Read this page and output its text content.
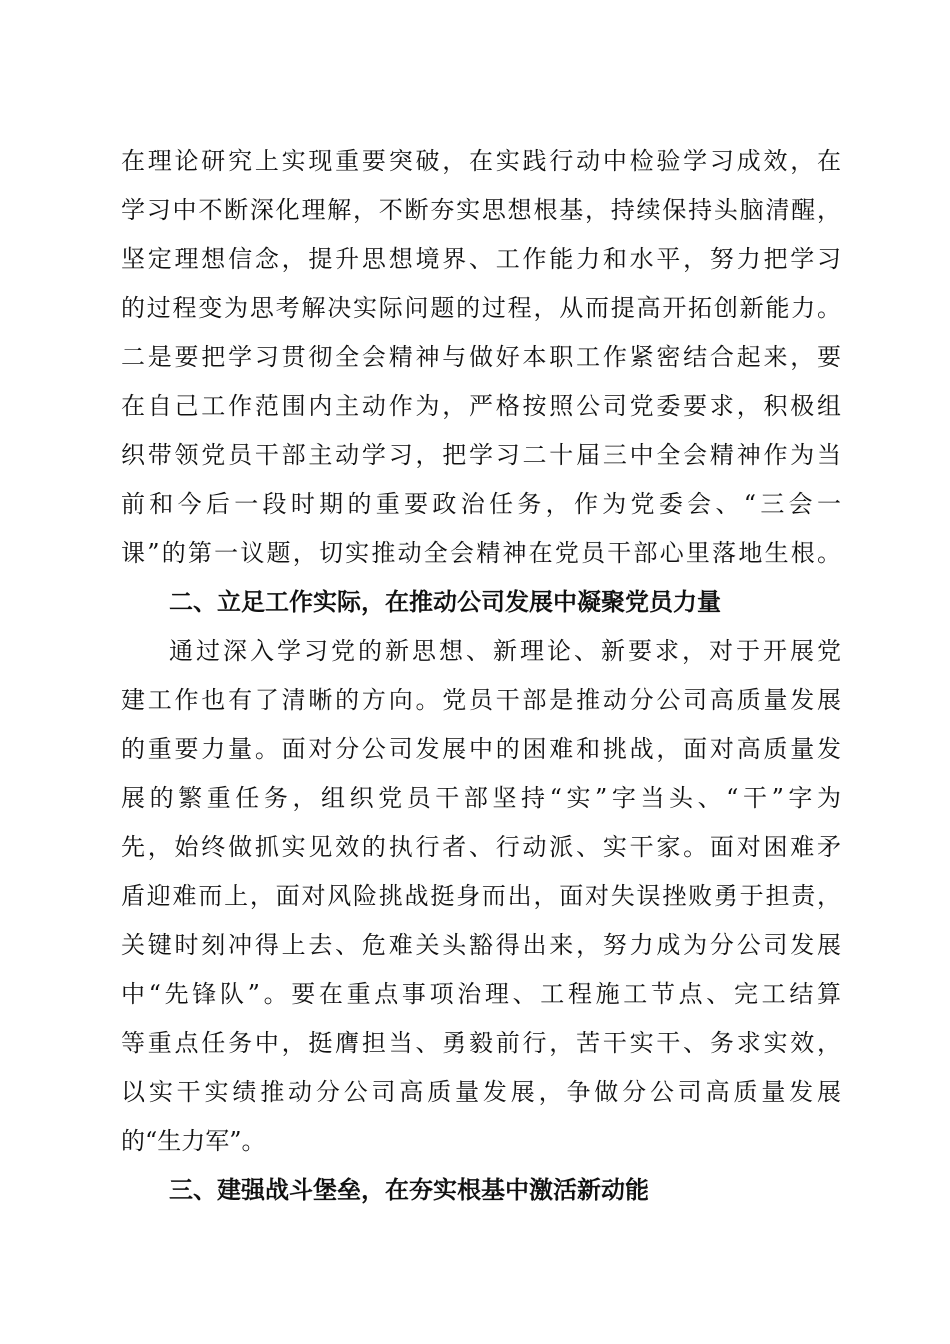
在理论研究上实现重要突破，在实践行动中检验学习成效，在
学习中不断深化理解，不断夯实思想根基，持续保持头脑清醒，
坚定理想信念，提升思想境界、工作能力和水平，努力把学习
的过程变为思考解决实际问题的过程，从而提高开拓创新能力。
二是要把学习贯彻全会精神与做好本职工作紧密结合起来，要
在自己工作范围内主动作为，严格按照公司党委要求，积极组
织带领党员干部主动学习，把学习二十届三中全会精神作为当
前和今后一段时期的重要政治任务，作为党委会、“三会一
课”的第一议题，切实推动全会精神在党员干部心里落地生根。
二、立足工作实际，在推动公司发展中凝聚党员力量
通过深入学习党的新思想、新理论、新要求，对于开展党
建工作也有了清晰的方向。党员干部是推动分公司高质量发展
的重要力量。面对分公司发展中的困难和挑战，面对高质量发
展的繁重任务，组织党员干部坚持“实”字当头、“干”字为
先，始终做抓实见效的执行者、行动派、实干家。面对困难矛
盾迎难而上，面对风险挑战挺身而出，面对失误挫败勇于担责，
关键时刻冲得上去、危难关头豁得出来，努力成为分公司发展
中“先锋队”。要在重点事项治理、工程施工节点、完工结算
等重点任务中，挺膺担当、勇毅前行，苦干实干、务求实效，
以实干实绩推动分公司高质量发展，争做分公司高质量发展
的“生力军”。
三、建强战斗堡垒，在夯实根基中激活新动能
